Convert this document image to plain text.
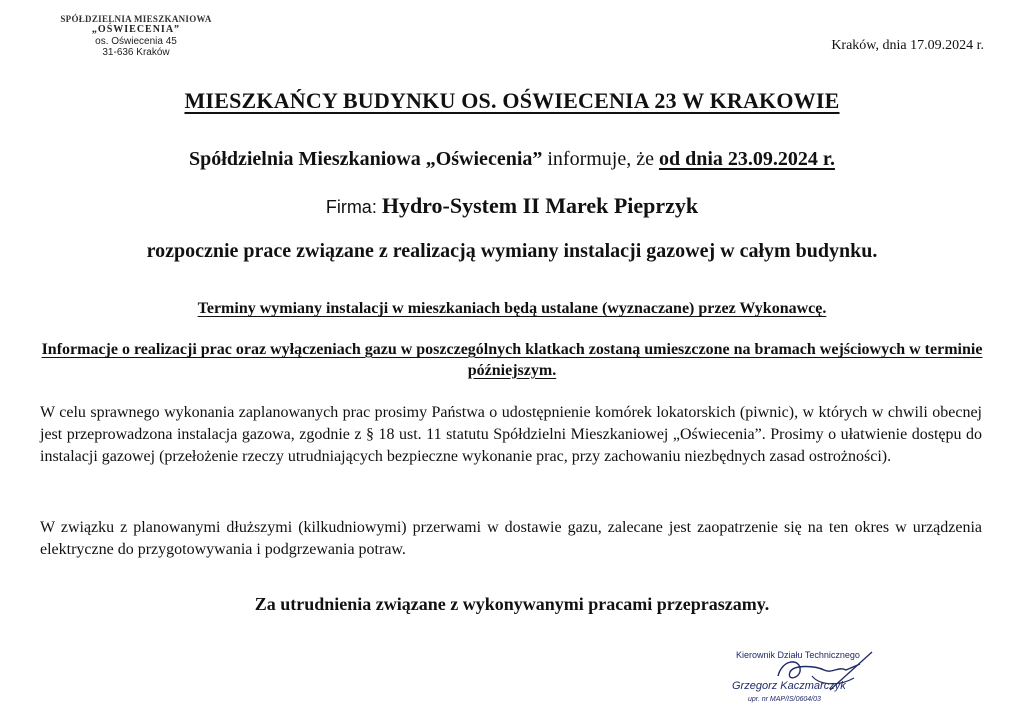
SPÓŁDZIELNIA MIESZKANIOWA
„OŚWIECENIA”
os. Oświecenia 45
31-636 Kraków	Kraków, dnia 17.09.2024 r.
MIESZKAŃCY BUDYNKU OS. OŚWIECENIA 23 W KRAKOWIE
Spółdzielnia Mieszkaniowa „Oświecenia” informuje, że od dnia 23.09.2024 r.
Firma: Hydro-System II Marek Pieprzyk
rozpocznie prace związane z realizacją wymiany instalacji gazowej w całym budynku.
Terminy wymiany instalacji w mieszkaniach będą ustalane (wyznaczane) przez Wykonawcę.
Informacje o realizacji prac oraz wyłączeniach gazu w poszczególnych klatkach zostaną umieszczone na bramach wejściowych w terminie późniejszym.
W celu sprawnego wykonania zaplanowanych prac prosimy Państwa o udostępnienie komórek lokatorskich (piwnic), w których w chwili obecnej jest przeprowadzona instalacja gazowa, zgodnie z § 18 ust. 11 statutu Spółdzielni Mieszkaniowej „Oświecenia”. Prosimy o ułatwienie dostępu do instalacji gazowej (przełożenie rzeczy utrudniających bezpieczne wykonanie prac, przy zachowaniu niezbędnych zasad ostrożności).
W związku z planowanymi dłuższymi (kilkudniowymi) przerwami w dostawie gazu, zalecane jest zaopatrzenie się na ten okres w urządzenia elektryczne do przygotowywania i podgrzewania potraw.
Za utrudnienia związane z wykonywanymi pracami przepraszamy.
Kierownik Działu Technicznego
Grzegorz Kaczmarczyk
upr. nr MAP/IS/0604/03
